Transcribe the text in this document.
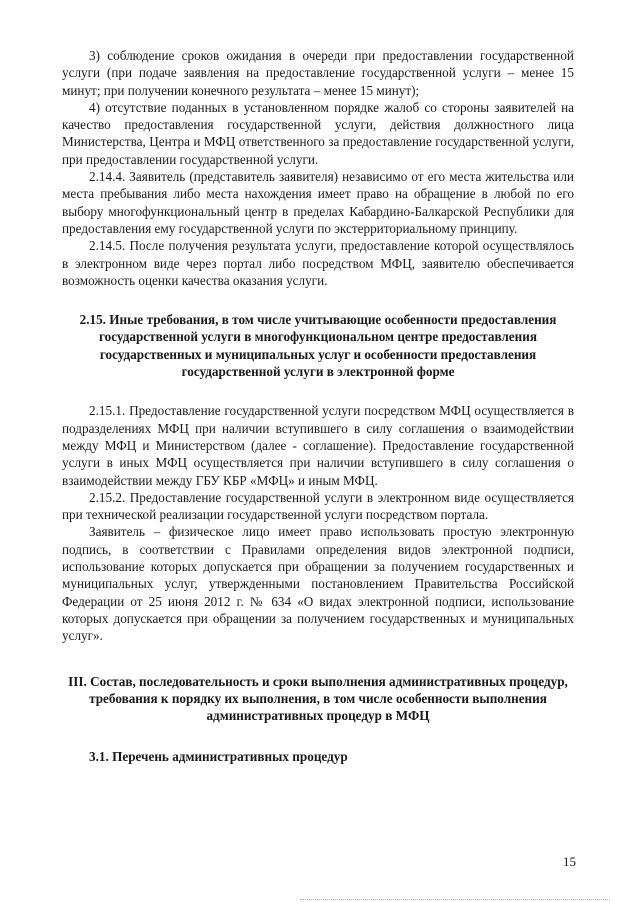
3) соблюдение сроков ожидания в очереди при предоставлении государственной услуги (при подаче заявления на предоставление государственной услуги – менее 15 минут; при получении конечного результата – менее 15 минут);

4) отсутствие поданных в установленном порядке жалоб со стороны заявителей на качество предоставления государственной услуги, действия должностного лица Министерства, Центра и МФЦ ответственного за предоставление государственной услуги, при предоставлении государственной услуги.

2.14.4. Заявитель (представитель заявителя) независимо от его места жительства или места пребывания либо места нахождения имеет право на обращение в любой по его выбору многофункциональный центр в пределах Кабардино-Балкарской Республики для предоставления ему государственной услуги по экстерриториальному принципу.

2.14.5. После получения результата услуги, предоставление которой осуществлялось в электронном виде через портал либо посредством МФЦ, заявителю обеспечивается возможность оценки качества оказания услуги.

2.15. Иные требования, в том числе учитывающие особенности предоставления государственной услуги в многофункциональном центре предоставления государственных и муниципальных услуг и особенности предоставления государственной услуги в электронной форме

2.15.1. Предоставление государственной услуги посредством МФЦ осуществляется в подразделениях МФЦ при наличии вступившего в силу соглашения о взаимодействии между МФЦ и Министерством (далее - соглашение). Предоставление государственной услуги в иных МФЦ осуществляется при наличии вступившего в силу соглашения о взаимодействии между ГБУ КБР «МФЦ» и иным МФЦ.

2.15.2. Предоставление государственной услуги в электронном виде осуществляется при технической реализации государственной услуги посредством портала.

Заявитель – физическое лицо имеет право использовать простую электронную подпись, в соответствии с Правилами определения видов электронной подписи, использование которых допускается при обращении за получением государственных и муниципальных услуг, утвержденными постановлением Правительства Российской Федерации от 25 июня 2012 г. № 634 «О видах электронной подписи, использование которых допускается при обращении за получением государственных и муниципальных услуг».

III. Состав, последовательность и сроки выполнения административных процедур, требования к порядку их выполнения, в том числе особенности выполнения административных процедур в МФЦ
3.1. Перечень административных процедур
15
